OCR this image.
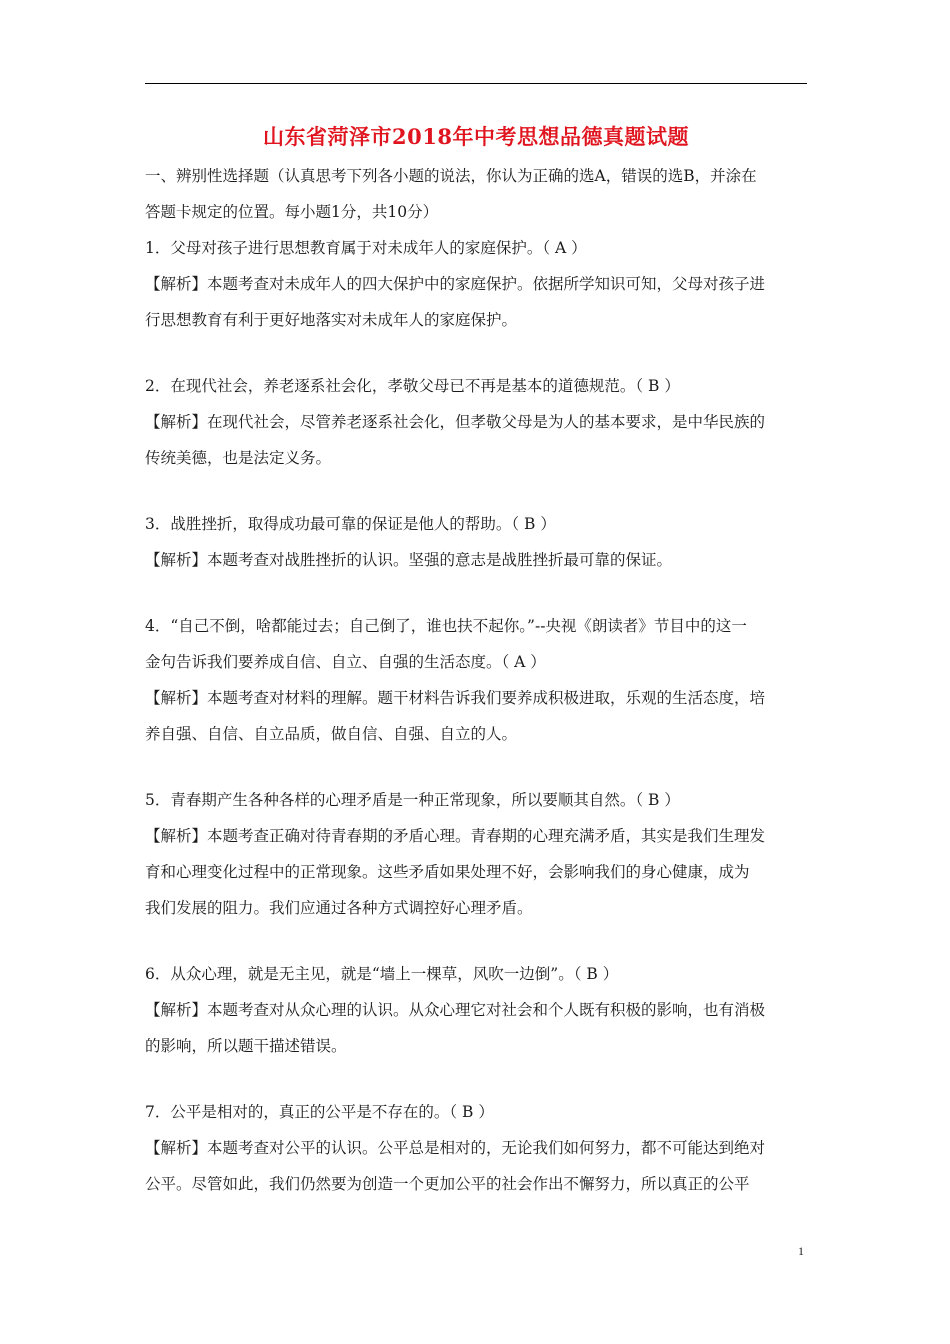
山东省菏泽市2018年中考思想品德真题试题
一、辨别性选择题（认真思考下列各小题的说法，你认为正确的选A，错误的选B，并涂在
答题卡规定的位置。每小题1分，共10分）
1．父母对孩子进行思想教育属于对未成年人的家庭保护。（ A ）
【解析】本题考查对未成年人的四大保护中的家庭保护。依据所学知识可知，父母对孩子进
行思想教育有利于更好地落实对未成年人的家庭保护。
2．在现代社会，养老逐系社会化，孝敬父母已不再是基本的道德规范。（ B ）
【解析】在现代社会，尽管养老逐系社会化，但孝敬父母是为人的基本要求，是中华民族的
传统美德，也是法定义务。
3．战胜挫折，取得成功最可靠的保证是他人的帮助。（ B ）
【解析】本题考查对战胜挫折的认识。坚强的意志是战胜挫折最可靠的保证。
4．“自己不倒，啥都能过去；自己倒了，谁也扶不起你。”--央视《朗读者》节目中的这一
金句告诉我们要养成自信、自立、自强的生活态度。（ A ）
【解析】本题考查对材料的理解。题干材料告诉我们要养成积极进取，乐观的生活态度，培
养自强、自信、自立品质，做自信、自强、自立的人。
5．青春期产生各种各样的心理矛盾是一种正常现象，所以要顺其自然。（ B ）
【解析】本题考查正确对待青春期的矛盾心理。青春期的心理充满矛盾，其实是我们生理发
育和心理变化过程中的正常现象。这些矛盾如果处理不好，会影响我们的身心健康，成为
我们发展的阻力。我们应通过各种方式调控好心理矛盾。
6．从众心理，就是无主见，就是“墙上一棵草，风吹一边倒”。（ B ）
【解析】本题考查对从众心理的认识。从众心理它对社会和个人既有积极的影响，也有消极
的影响，所以题干描述错误。
7．公平是相对的，真正的公平是不存在的。（ B ）
【解析】本题考查对公平的认识。公平总是相对的，无论我们如何努力，都不可能达到绝对
公平。尽管如此，我们仍然要为创造一个更加公平的社会作出不懈努力，所以真正的公平
1
